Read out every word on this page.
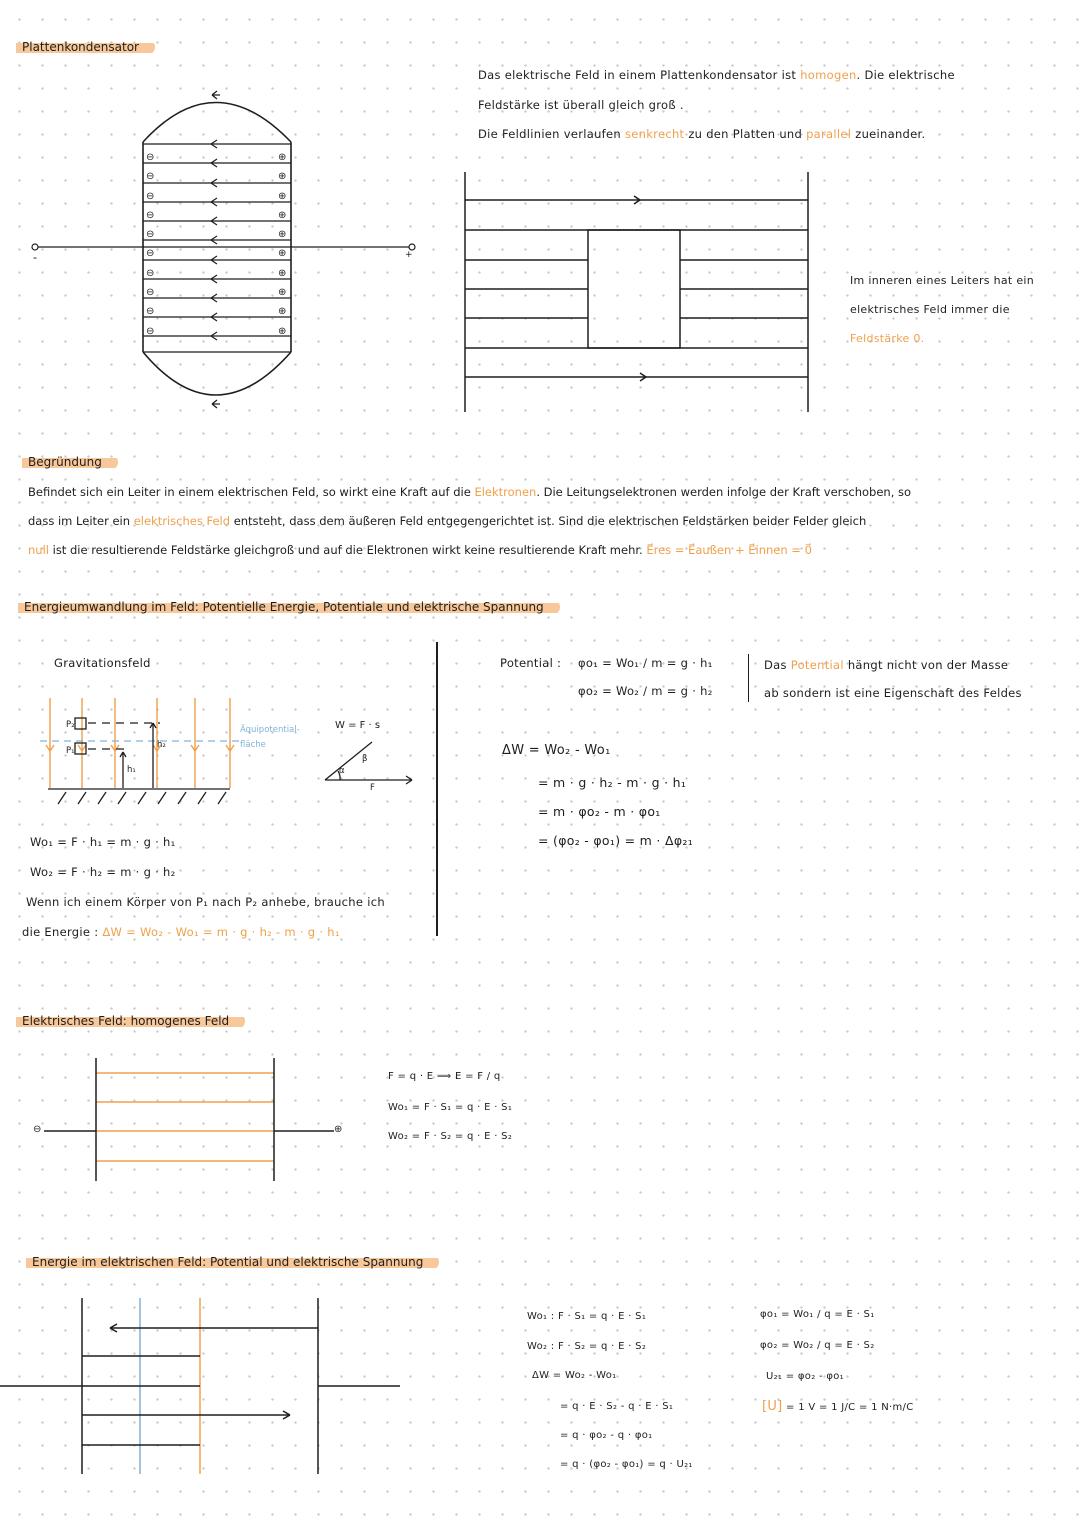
Plattenkondensator
⊖
⊖
⊖
⊖
⊖
⊖
⊖
⊖
⊖
⊖
⊕
⊕
⊕
⊕
⊕
⊕
⊕
⊕
⊕
⊕
-	+
Das elektrische Feld in einem Plattenkondensator ist homogen. Die elektrische
Feldstärke ist überall gleich groß .
Die Feldlinien verlaufen senkrecht zu den Platten und parallel zueinander.
Im inneren eines Leiters hat ein
elektrisches Feld immer die
Feldstärke 0.
Begründung
Befindet sich ein Leiter in einem elektrischen Feld, so wirkt eine Kraft auf die Elektronen. Die Leitungselektronen werden infolge der Kraft verschoben, so
dass im Leiter ein elektrisches Feld entsteht, dass dem äußeren Feld entgegengerichtet ist. Sind die elektrischen Feldstärken beider Felder gleich
null ist die resultierende Feldstärke gleichgroß und auf die Elektronen wirkt keine resultierende Kraft mehr. E⃗res = E⃗außen + E⃗innen = 0⃗
Energieumwandlung im Feld: Potentielle Energie, Potentiale und elektrische Spannung
Gravitationsfeld
P₂
P₁
h₁
h₂
Äquipotential-
fläche
W = F · s
α
β
F
Wo₁ = F · h₁ = m · g · h₁
Wo₂ = F · h₂ = m · g · h₂
Wenn ich einem Körper von P₁ nach P₂ anhebe, brauche ich
die Energie : ΔW = Wo₂ - Wo₁ = m · g · h₂ - m · g · h₁
Potential : φo₁ = Wo₁ / m = g · h₁
φo₂ = Wo₂ / m = g · h₂
Das Potential hängt nicht von der Masse
ab sondern ist eine Eigenschaft des Feldes
ΔW = Wo₂ - Wo₁
= m · g · h₂ - m · g · h₁
= m · φo₂ - m · φo₁
= (φo₂ - φo₁) = m · Δφ₂₁
Elektrisches Feld: homogenes Feld
⊖	⊕
F = q · E ⟹ E = F / q
Wo₁ = F · S₁ = q · E · S₁
Wo₂ = F · S₂ = q · E · S₂
Energie im elektrischen Feld: Potential und elektrische Spannung
Wo₁ : F · S₁ = q · E · S₁
Wo₂ : F · S₂ = q · E · S₂
ΔW = Wo₂ - Wo₁
= q · E · S₂ - q · E · S₁
= q · φo₂ - q · φo₁
= q · (φo₂ - φo₁) = q · U₂₁
φo₁ = Wo₁ / q = E · S₁
φo₂ = Wo₂ / q = E · S₂
U₂₁ = φo₂ - φo₁
[U] = 1 V = 1 J/C = 1 N·m/C
